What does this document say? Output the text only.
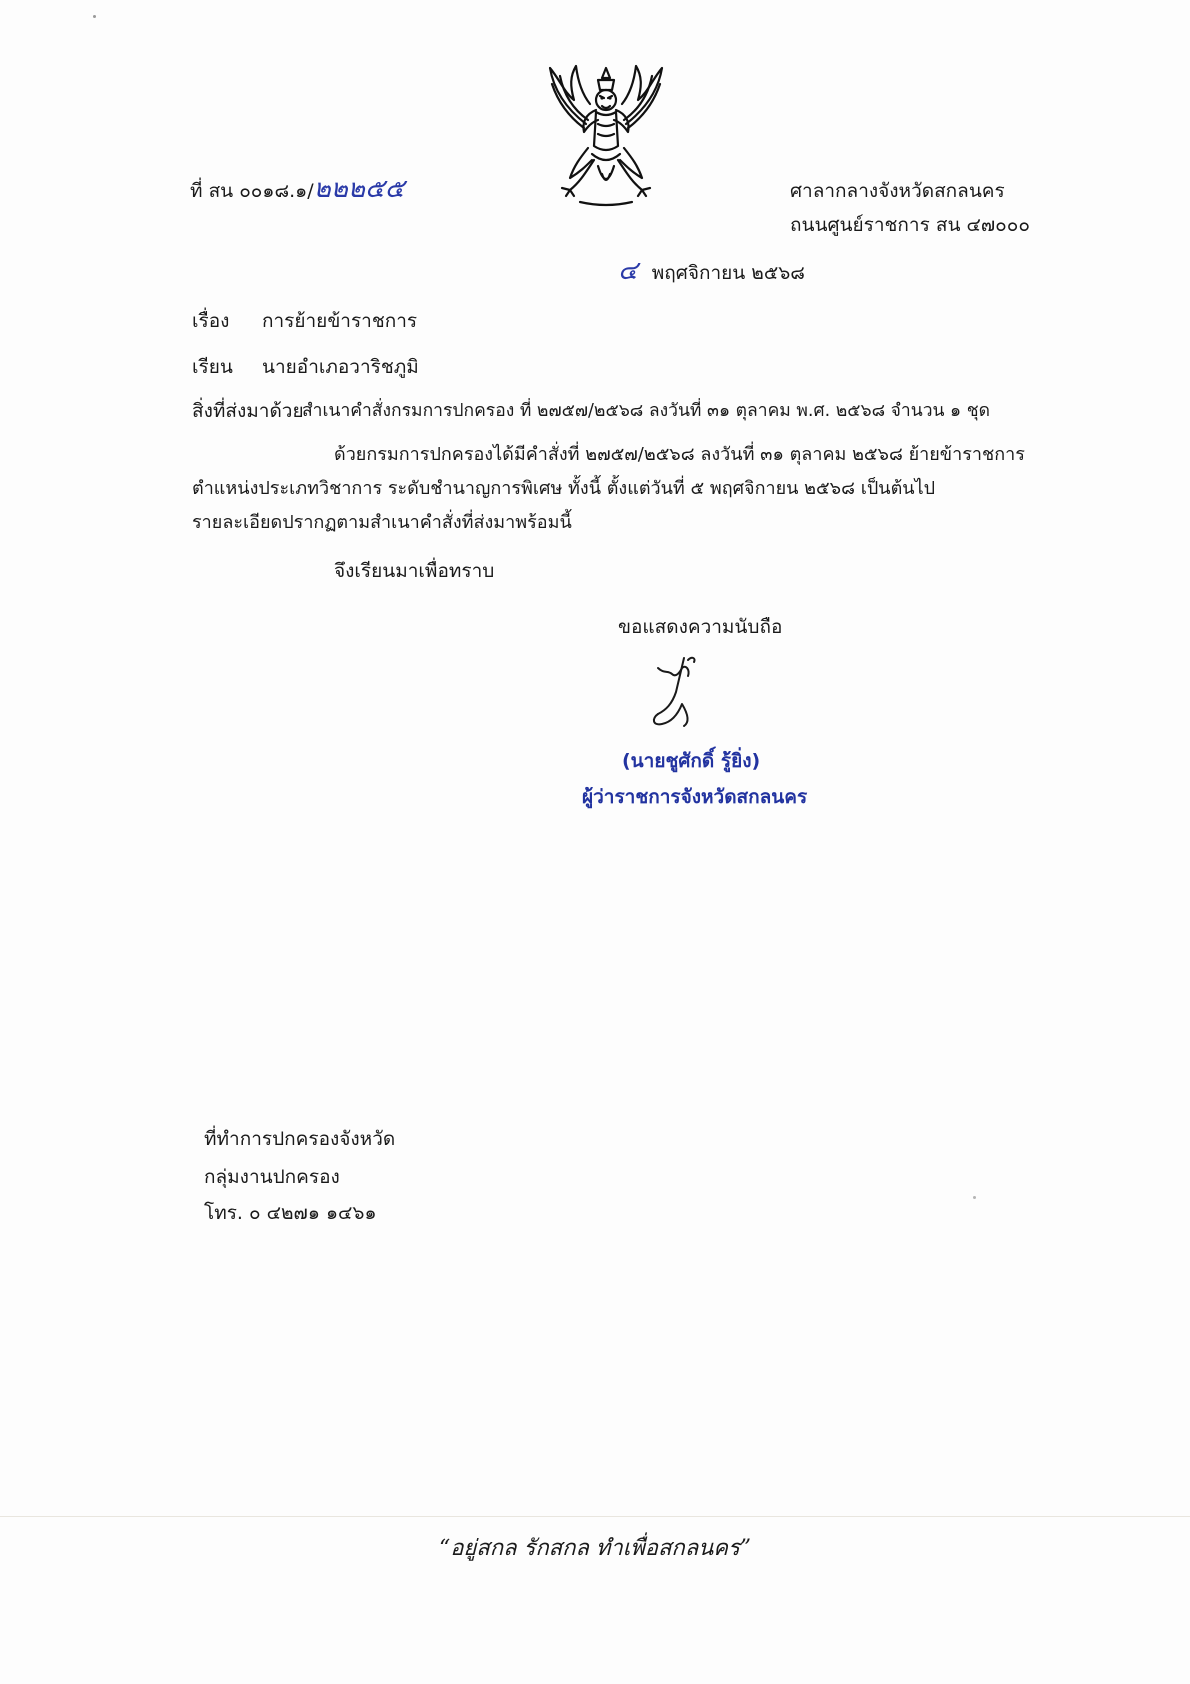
ที่ สน ๐๐๑๘.๑/๒๒๒๕๕	ศาลากลางจังหวัดสกลนคร
ถนนศูนย์ราชการ สน ๔๗๐๐๐
๔ พฤศจิกายน ๒๕๖๘
เรื่อง การย้ายข้าราชการ
เรียน นายอำเภอวาริชภูมิ
สิ่งที่ส่งมาด้วย
สำเนาคำสั่งกรมการปกครอง ที่ ๒๗๕๗/๒๕๖๘ ลงวันที่ ๓๑ ตุลาคม พ.ศ. ๒๕๖๘ จำนวน ๑ ชุด
ด้วยกรมการปกครองได้มีคำสั่งที่ ๒๗๕๗/๒๕๖๘ ลงวันที่ ๓๑ ตุลาคม ๒๕๖๘ ย้ายข้าราชการ
ตำแหน่งประเภทวิชาการ ระดับชำนาญการพิเศษ ทั้งนี้ ตั้งแต่วันที่ ๕ พฤศจิกายน ๒๕๖๘ เป็นต้นไป
รายละเอียดปรากฏตามสำเนาคำสั่งที่ส่งมาพร้อมนี้
จึงเรียนมาเพื่อทราบ
ขอแสดงความนับถือ
(นายชูศักดิ์ รู้ยิ่ง)
ผู้ว่าราชการจังหวัดสกลนคร
ที่ทำการปกครองจังหวัด
กลุ่มงานปกครอง
โทร. ๐ ๔๒๗๑ ๑๔๖๑
“อยู่สกล รักสกล ทำเพื่อสกลนคร”
